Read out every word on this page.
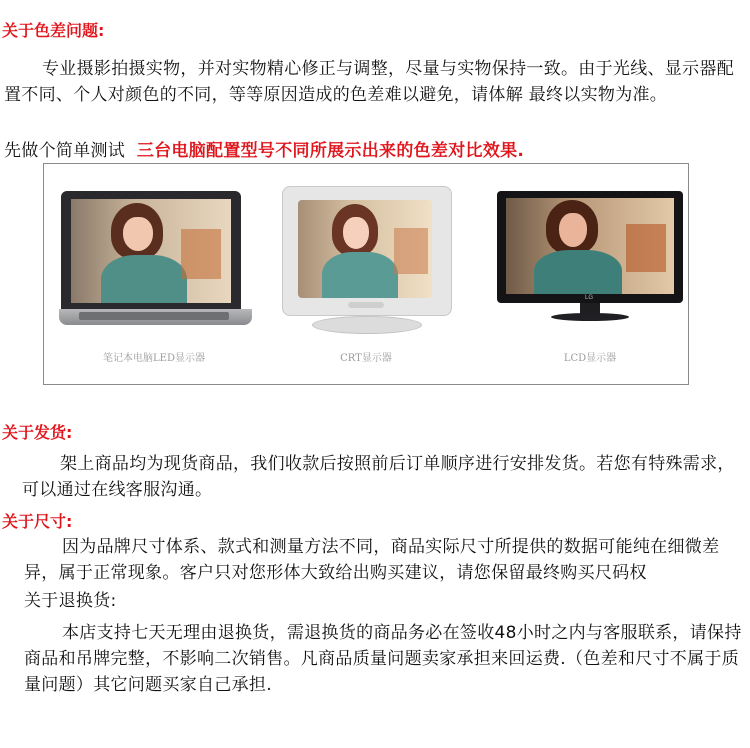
关于色差问题:
专业摄影拍摄实物，并对实物精心修正与调整，尽量与实物保持一致。由于光线、显示器配置不同、个人对颜色的不同，等等原因造成的色差难以避免，请体解 最终以实物为准。
先做个简单测试 三台电脑配置型号不同所展示出来的色差对比效果.
LG
笔记本电脑LED显示器	CRT显示器	LCD显示器
关于发货:
架上商品均为现货商品，我们收款后按照前后订单顺序进行安排发货。若您有特殊需求，可以通过在线客服沟通。
关于尺寸:
因为品牌尺寸体系、款式和测量方法不同，商品实际尺寸所提供的数据可能纯在细微差异，属于正常现象。客户只对您形体大致给出购买建议，请您保留最终购买尺码权
关于退换货:
本店支持七天无理由退换货，需退换货的商品务必在签收48小时之内与客服联系，请保持商品和吊牌完整，不影响二次销售。凡商品质量问题卖家承担来回运费.（色差和尺寸不属于质量问题）其它问题买家自己承担.
